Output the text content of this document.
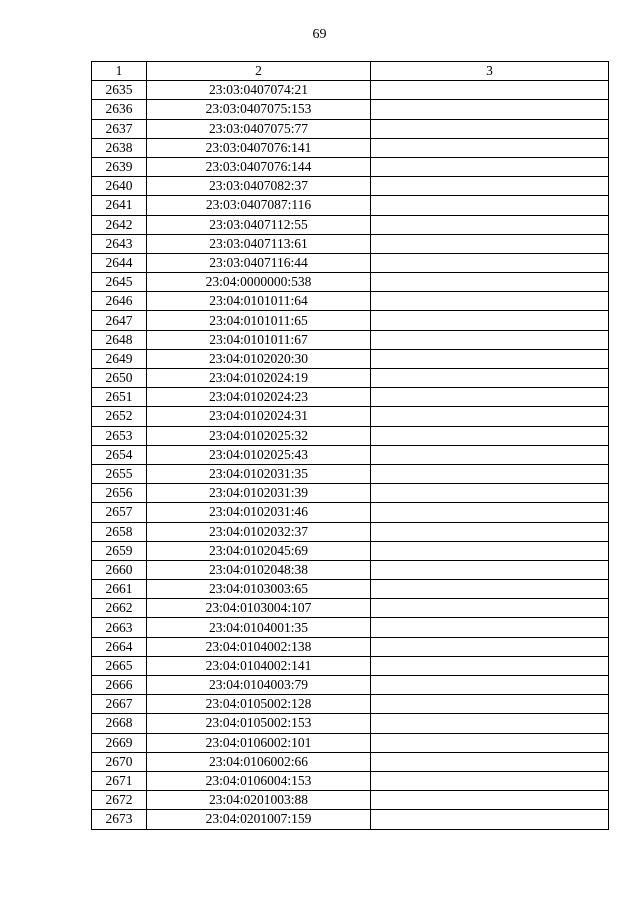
69
1	2	3
2635	23:03:0407074:21	
2636	23:03:0407075:153	
2637	23:03:0407075:77	
2638	23:03:0407076:141	
2639	23:03:0407076:144	
2640	23:03:0407082:37	
2641	23:03:0407087:116	
2642	23:03:0407112:55	
2643	23:03:0407113:61	
2644	23:03:0407116:44	
2645	23:04:0000000:538	
2646	23:04:0101011:64	
2647	23:04:0101011:65	
2648	23:04:0101011:67	
2649	23:04:0102020:30	
2650	23:04:0102024:19	
2651	23:04:0102024:23	
2652	23:04:0102024:31	
2653	23:04:0102025:32	
2654	23:04:0102025:43	
2655	23:04:0102031:35	
2656	23:04:0102031:39	
2657	23:04:0102031:46	
2658	23:04:0102032:37	
2659	23:04:0102045:69	
2660	23:04:0102048:38	
2661	23:04:0103003:65	
2662	23:04:0103004:107	
2663	23:04:0104001:35	
2664	23:04:0104002:138	
2665	23:04:0104002:141	
2666	23:04:0104003:79	
2667	23:04:0105002:128	
2668	23:04:0105002:153	
2669	23:04:0106002:101	
2670	23:04:0106002:66	
2671	23:04:0106004:153	
2672	23:04:0201003:88	
2673	23:04:0201007:159	
